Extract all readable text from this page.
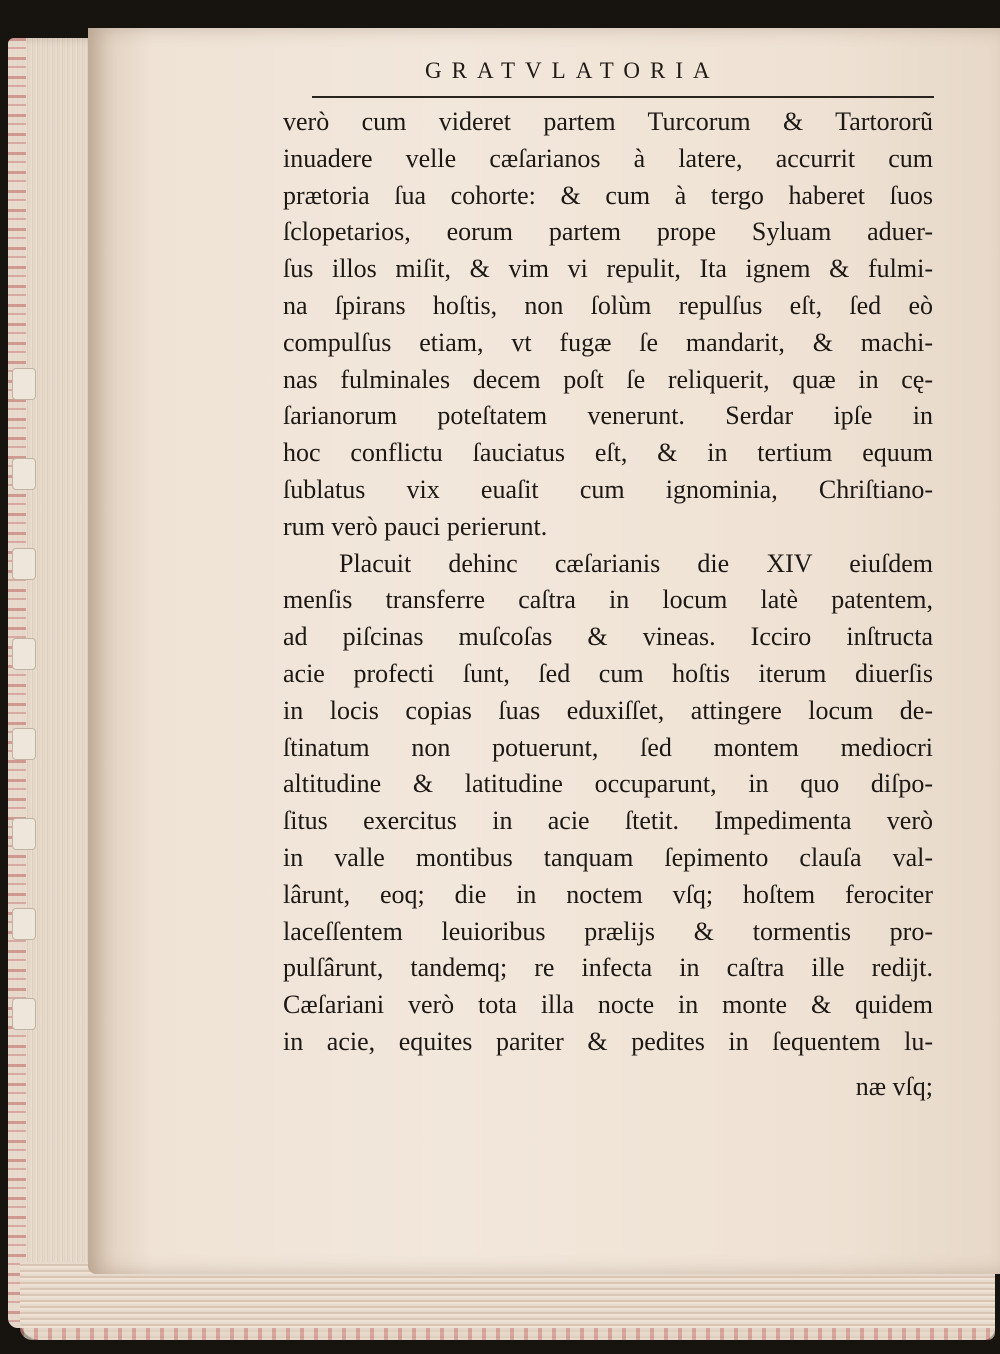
GRATVLATORIA
verò cum videret partem Turcorum & Tartororũ
inuadere velle cæſarianos à latere, accurrit cum
prætoria ſua cohorte: & cum à tergo haberet ſuos
ſclopetarios, eorum partem prope Syluam aduer-
ſus illos miſit, & vim vi repulit, Ita ignem & fulmi-
na ſpirans hoſtis, non ſolùm repulſus eſt, ſed eò
compulſus etiam, vt fugæ ſe mandarit, & machi-
nas fulminales decem poſt ſe reliquerit, quæ in cę-
ſarianorum poteſtatem venerunt. Serdar ipſe in
hoc conflictu ſauciatus eſt, & in tertium equum
ſublatus vix euaſit cum ignominia, Chriſtiano-
rum verò pauci perierunt.
Placuit dehinc cæſarianis die XIV eiuſdem
menſis transferre caſtra in locum latè patentem,
ad piſcinas muſcoſas & vineas. Icciro inſtructa
acie profecti ſunt, ſed cum hoſtis iterum diuerſis
in locis copias ſuas eduxiſſet, attingere locum de-
ſtinatum non potuerunt, ſed montem mediocri
altitudine & latitudine occuparunt, in quo diſpo-
ſitus exercitus in acie ſtetit. Impedimenta verò
in valle montibus tanquam ſepimento clauſa val-
lârunt, eoq; die in noctem vſq; hoſtem ferociter
laceſſentem leuioribus prælijs & tormentis pro-
pulſârunt, tandemq; re infecta in caſtra ille redijt.
Cæſariani verò tota illa nocte in monte & quidem
in acie, equites pariter & pedites in ſequentem lu-
næ vſq;
